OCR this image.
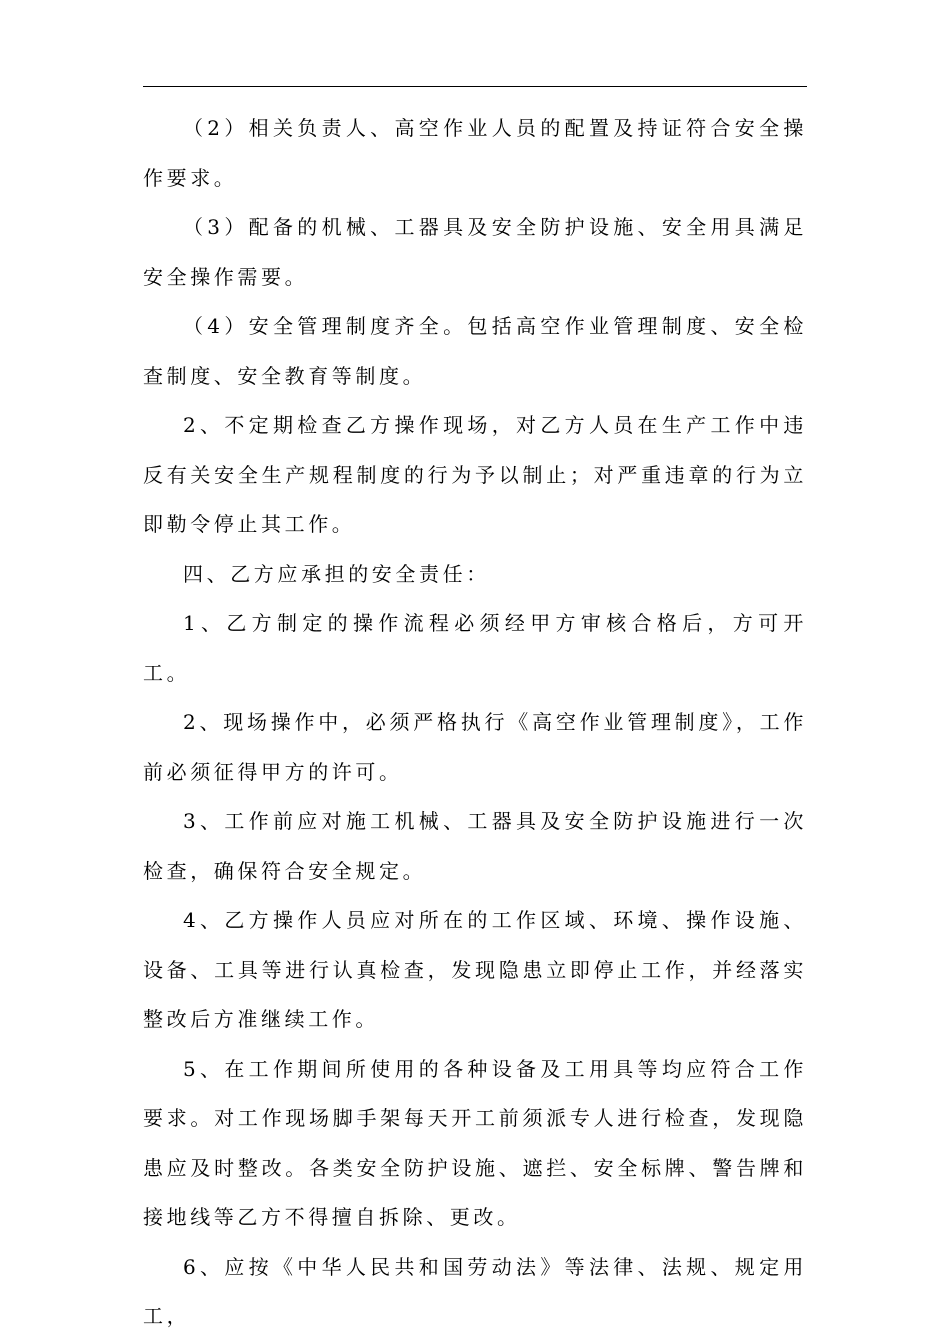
（2）相关负责人、高空作业人员的配置及持证符合安全操作要求。

（3）配备的机械、工器具及安全防护设施、安全用具满足安全操作需要。

（4）安全管理制度齐全。包括高空作业管理制度、安全检查制度、安全教育等制度。

2、不定期检查乙方操作现场，对乙方人员在生产工作中违反有关安全生产规程制度的行为予以制止；对严重违章的行为立即勒令停止其工作。

四、乙方应承担的安全责任：

1、乙方制定的操作流程必须经甲方审核合格后，方可开工。

2、现场操作中，必须严格执行《高空作业管理制度》，工作前必须征得甲方的许可。

3、工作前应对施工机械、工器具及安全防护设施进行一次检查，确保符合安全规定。

4、乙方操作人员应对所在的工作区域、环境、操作设施、设备、工具等进行认真检查，发现隐患立即停止工作，并经落实整改后方准继续工作。

5、在工作期间所使用的各种设备及工用具等均应符合工作要求。对工作现场脚手架每天开工前须派专人进行检查，发现隐患应及时整改。各类安全防护设施、遮拦、安全标牌、警告牌和接地线等乙方不得擅自拆除、更改。

6、应按《中华人民共和国劳动法》等法律、法规、规定用工，
